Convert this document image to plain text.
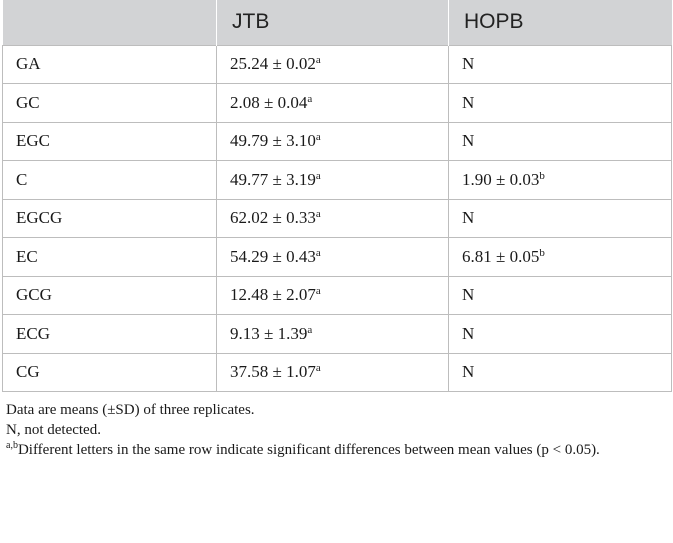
	JTB	HOPB
GA	25.24 ± 0.02$^a$	N
GC	2.08 ± 0.04$^a$	N
EGC	49.79 ± 3.10$^a$	N
C	49.77 ± 3.19$^a$	1.90 ± 0.03$^b$
EGCG	62.02 ± 0.33$^a$	N
EC	54.29 ± 0.43$^a$	6.81 ± 0.05$^b$
GCG	12.48 ± 2.07$^a$	N
ECG	9.13 ± 1.39$^a$	N
CG	37.58 ± 1.07$^a$	N

Data are means (±SD) of three replicates.

N, not detected.

$^{a,b}$Different letters in the same row indicate significant differences between mean values (p < 0.05).
